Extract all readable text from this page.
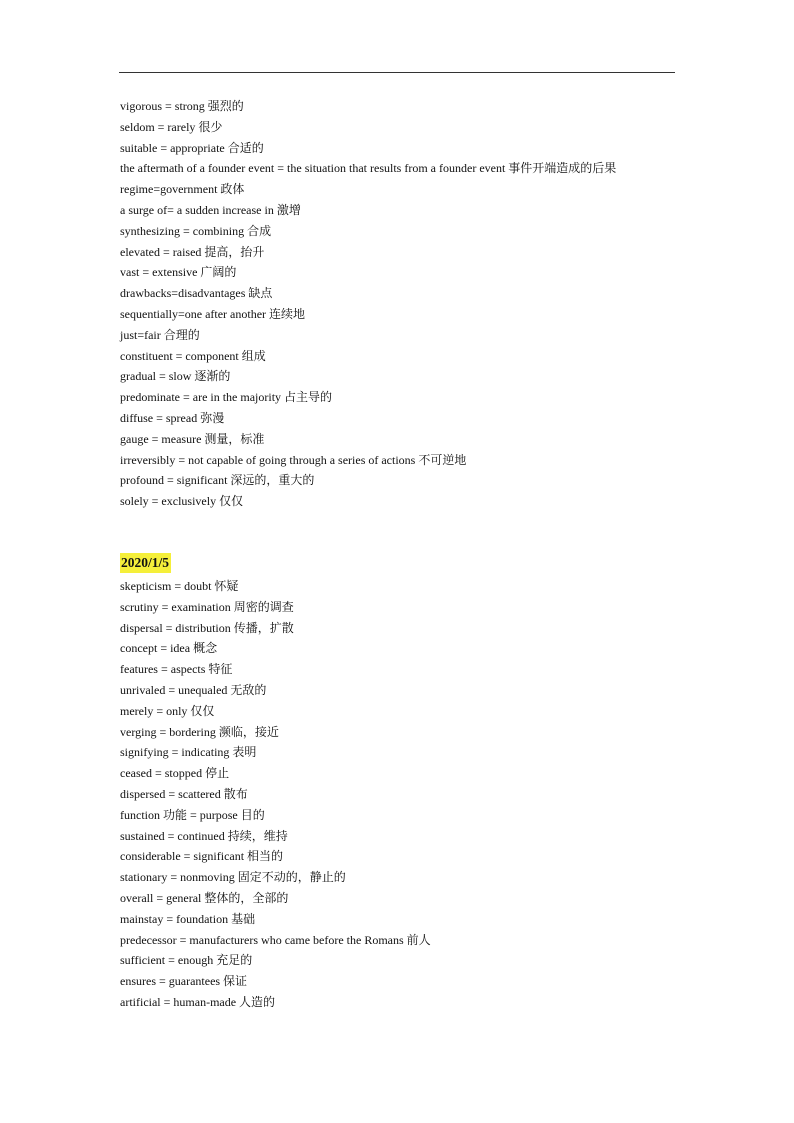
vigorous = strong 强烈的
seldom = rarely 很少
suitable = appropriate 合适的
the aftermath of a founder event = the situation that results from a founder event 事件开端造成的后果
regime=government 政体
a surge of= a sudden increase in 激增
synthesizing = combining 合成
elevated = raised 提高，抬升
vast = extensive 广阔的
drawbacks=disadvantages 缺点
sequentially=one after another 连续地
just=fair 合理的
constituent = component 组成
gradual = slow 逐渐的
predominate = are in the majority 占主导的
diffuse = spread 弥漫
gauge = measure 测量，标准
irreversibly = not capable of going through a series of actions 不可逆地
profound = significant 深远的，重大的
solely = exclusively 仅仅
2020/1/5
skepticism = doubt 怀疑
scrutiny = examination 周密的调查
dispersal = distribution 传播，扩散
concept = idea 概念
features = aspects 特征
unrivaled = unequaled 无敌的
merely = only 仅仅
verging = bordering 濒临，接近
signifying = indicating 表明
ceased = stopped 停止
dispersed = scattered 散布
function 功能 = purpose 目的
sustained = continued 持续，维持
considerable = significant 相当的
stationary = nonmoving 固定不动的，静止的
overall = general 整体的，全部的
mainstay = foundation 基础
predecessor = manufacturers who came before the Romans 前人
sufficient = enough 充足的
ensures = guarantees 保证
artificial = human-made 人造的
